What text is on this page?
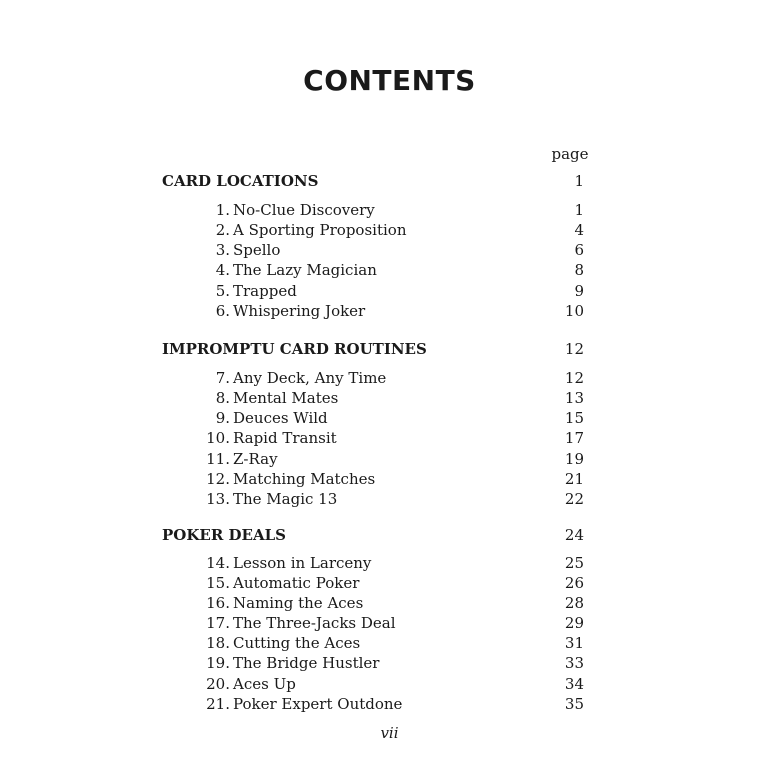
CONTENTS
page
CARD LOCATIONS	1
1. No-Clue Discovery	1
2. A Sporting Proposition	4
3. Spello	6
4. The Lazy Magician	8
5. Trapped	9
6. Whispering Joker	10
IMPROMPTU CARD ROUTINES	12
7. Any Deck, Any Time	12
8. Mental Mates	13
9. Deuces Wild	15
10. Rapid Transit	17
11. Z-Ray	19
12. Matching Matches	21
13. The Magic 13	22
POKER DEALS	24
14. Lesson in Larceny	25
15. Automatic Poker	26
16. Naming the Aces	28
17. The Three-Jacks Deal	29
18. Cutting the Aces	31
19. The Bridge Hustler	33
20. Aces Up	34
21. Poker Expert Outdone	35
vii
